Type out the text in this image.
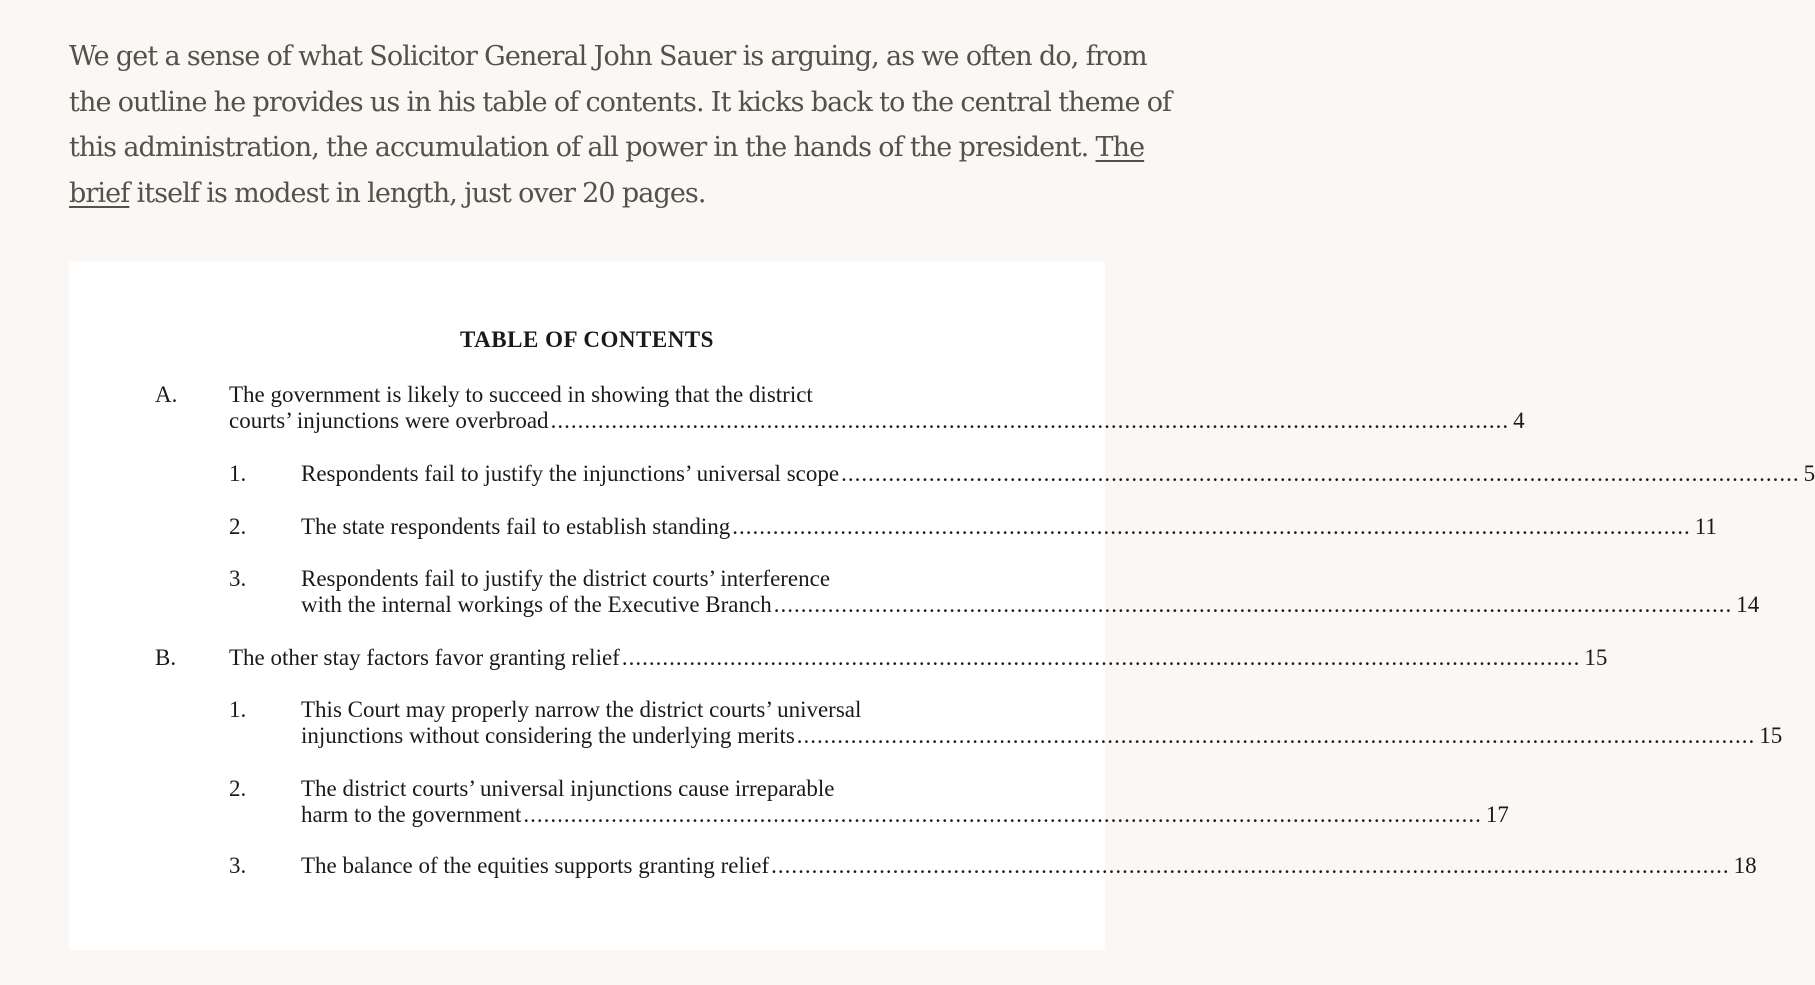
We get a sense of what Solicitor General John Sauer is arguing, as we often do, from the outline he provides us in his table of contents. It kicks back to the central theme of this administration, the accumulation of all power in the hands of the president. The brief itself is modest in length, just over 20 pages.

TABLE OF CONTENTS
A. The government is likely to succeed in showing that the district
courts’ injunctions were overbroad .............................................................................................................................................. 4
1. Respondents fail to justify the injunctions’ universal scope .............................................................................................................................................. 5
2. The state respondents fail to establish standing .............................................................................................................................................. 11
3. Respondents fail to justify the district courts’ interference
with the internal workings of the Executive Branch .............................................................................................................................................. 14
B. The other stay factors favor granting relief .............................................................................................................................................. 15
1. This Court may properly narrow the district courts’ universal
injunctions without considering the underlying merits .............................................................................................................................................. 15
2. The district courts’ universal injunctions cause irreparable
harm to the government .............................................................................................................................................. 17
3. The balance of the equities supports granting relief .............................................................................................................................................. 18
